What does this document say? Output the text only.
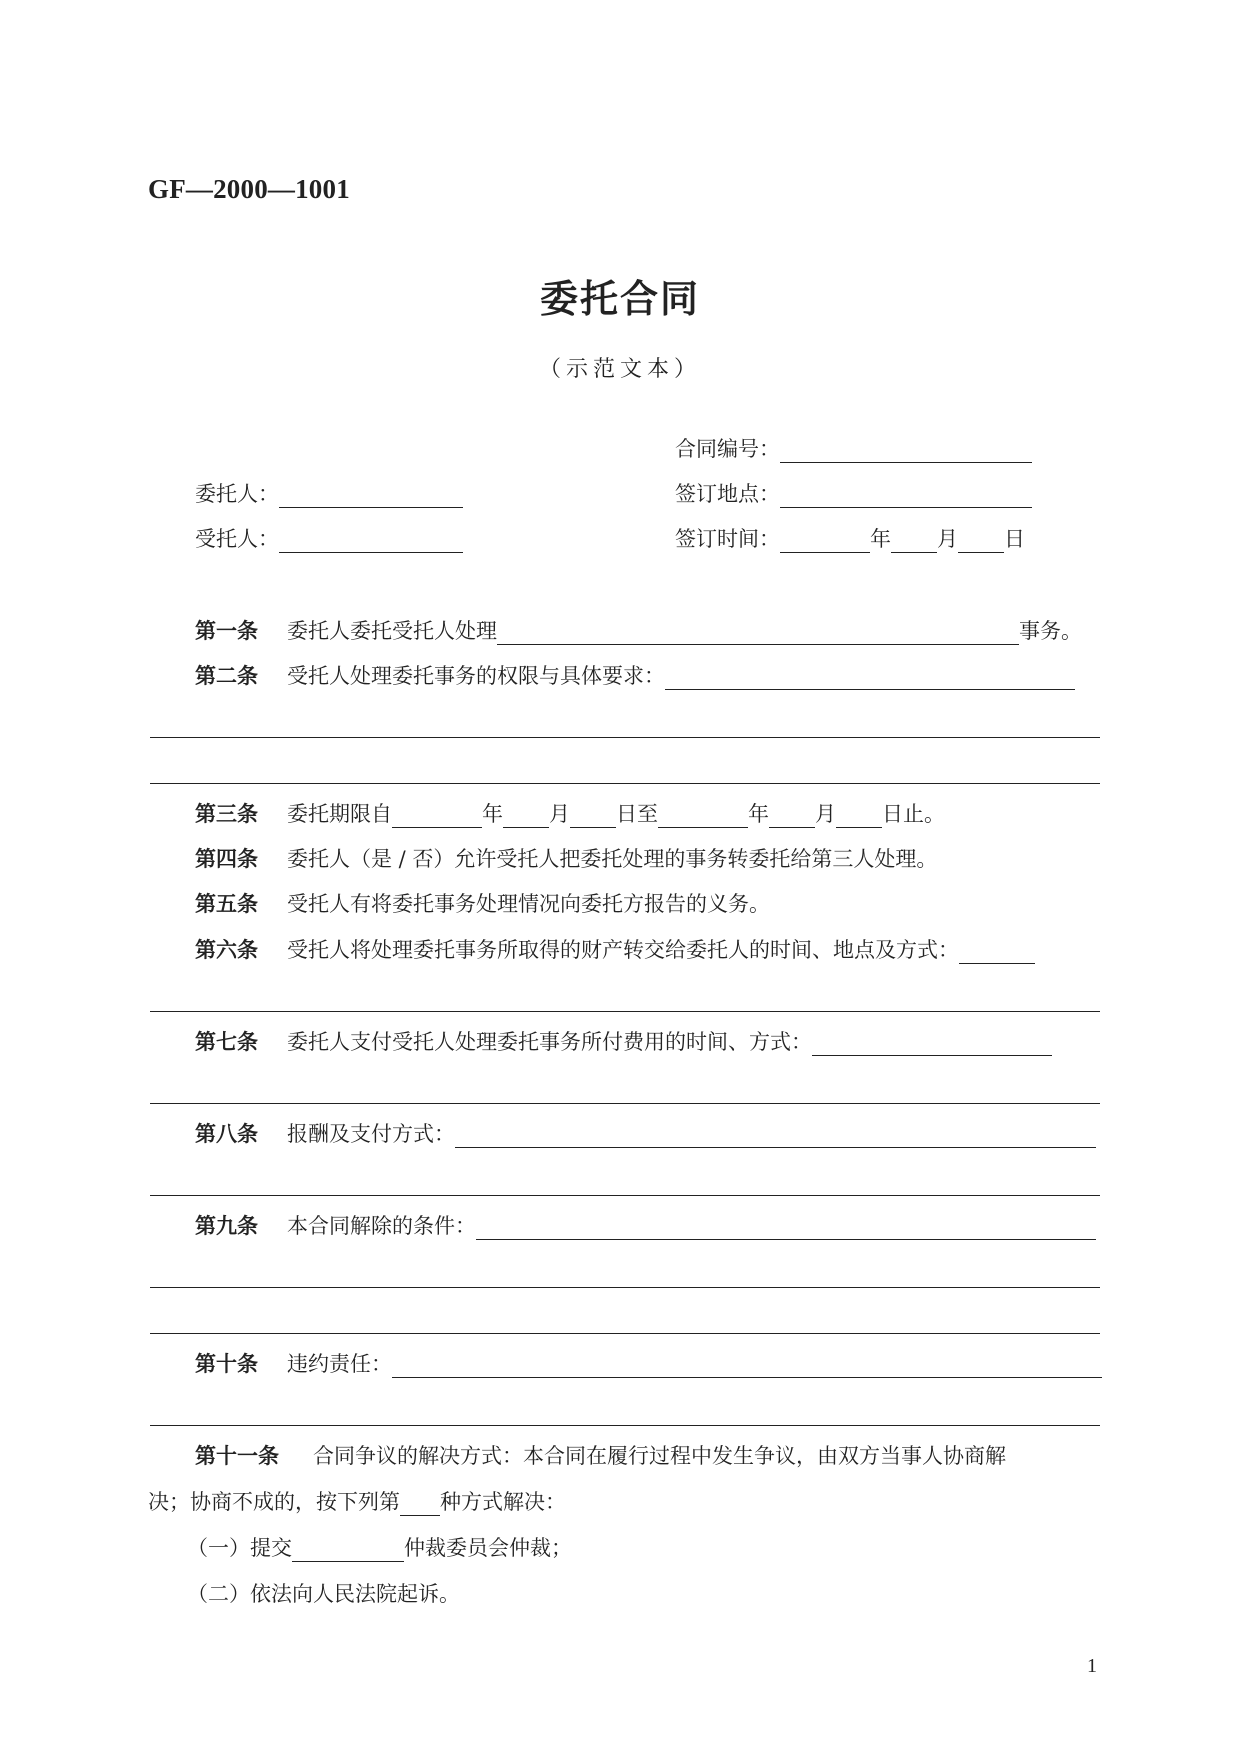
GF—2000—1001
委托合同
（示范文本）
合同编号：
委托人：	签订地点：
受托人：	签订时间：	年 月 日
第一条	委托人委托受托人处理	事务。
第二条	受托人处理委托事务的权限与具体要求：
第三条	委托期限自	年 月 日至	年 月 日止。
第四条	委托人（是 / 否）允许受托人把委托处理的事务转委托给第三人处理。
第五条	受托人有将委托事务处理情况向委托方报告的义务。
第六条	受托人将处理委托事务所取得的财产转交给委托人的时间、地点及方式：
第七条	委托人支付受托人处理委托事务所付费用的时间、方式：
第八条	报酬及支付方式：
第九条	本合同解除的条件：
第十条	违约责任：
第十一条	合同争议的解决方式：本合同在履行过程中发生争议，由双方当事人协商解
决；协商不成的，按下列第 种方式解决：
（一）提交	仲裁委员会仲裁；
（二）依法向人民法院起诉。
1
